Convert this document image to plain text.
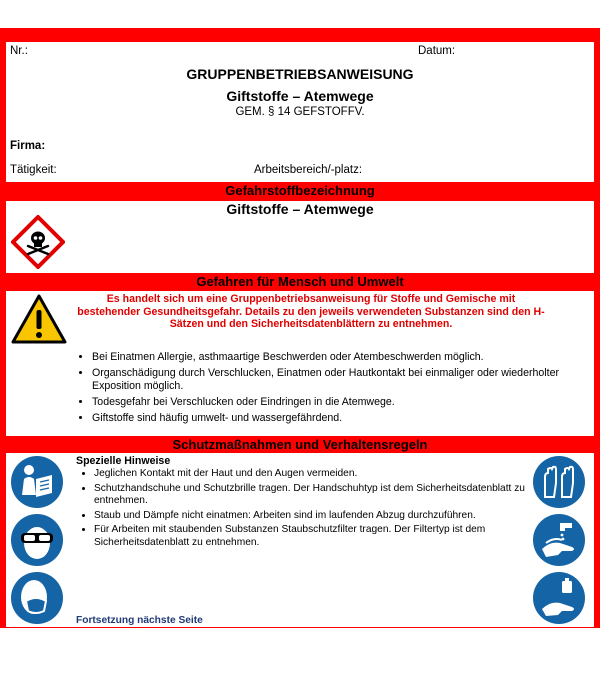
Nr.:	Datum:
GRUPPENBETRIEBSANWEISUNG
Giftstoffe – Atemwege
GEM. § 14 GEFSTOFFV.
Firma:
Tätigkeit:	Arbeitsbereich/-platz:
Gefahrstoffbezeichnung
Giftstoffe – Atemwege
Gefahren für Mensch und Umwelt
Es handelt sich um eine Gruppenbetriebsanweisung für Stoffe und Gemische mit bestehender Gesundheitsgefahr. Details zu den jeweils verwendeten Substanzen sind den H-Sätzen und den Sicherheitsdatenblättern zu entnehmen.
• Bei Einatmen Allergie, asthmaartige Beschwerden oder Atembeschwerden möglich.
• Organschädigung durch Verschlucken, Einatmen oder Hautkontakt bei einmaliger oder wiederholter Exposition möglich.
• Todesgefahr bei Verschlucken oder Eindringen in die Atemwege.
• Giftstoffe sind häufig umwelt- und wassergefährdend.
Schutzmaßnahmen und Verhaltensregeln
Spezielle Hinweise
• Jeglichen Kontakt mit der Haut und den Augen vermeiden.
• Schutzhandschuhe und Schutzbrille tragen. Der Handschuhtyp ist dem Sicherheitsdatenblatt zu entnehmen.
• Staub und Dämpfe nicht einatmen: Arbeiten sind im laufenden Abzug durchzuführen.
• Für Arbeiten mit staubenden Substanzen Staubschutzfilter tragen. Der Filtertyp ist dem Sicherheitsdatenblatt zu entnehmen.
Fortsetzung nächste Seite
